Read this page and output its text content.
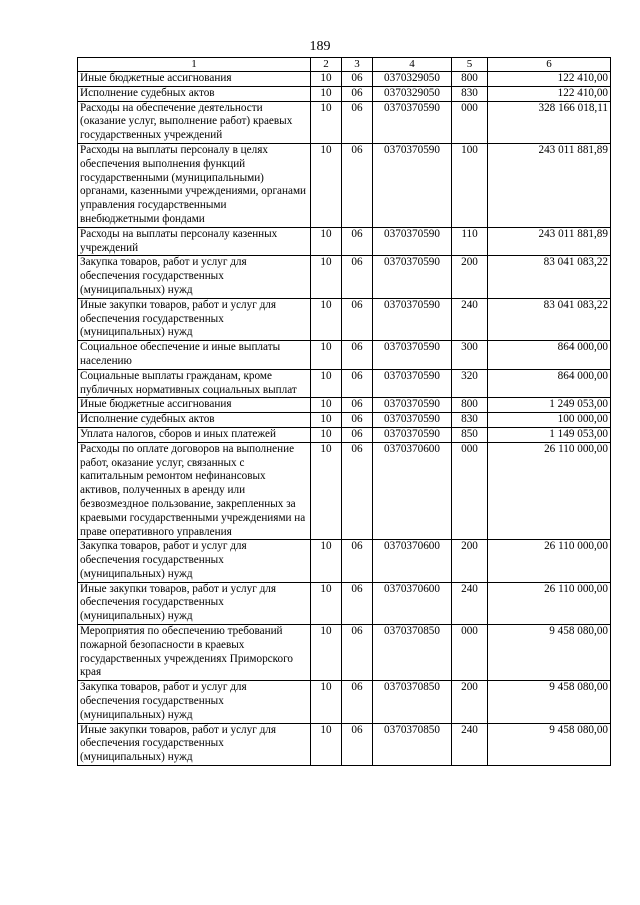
189
1	2	3	4	5	6
Иные бюджетные ассигнования	10	06	0370329050	800	122 410,00
Исполнение судебных актов	10	06	0370329050	830	122 410,00
Расходы на обеспечение деятельности (оказание услуг, выполнение работ) краевых государственных учреждений	10	06	0370370590	000	328 166 018,11
Расходы на выплаты персоналу в целях обеспечения выполнения функций государственными (муниципальными) органами, казенными учреждениями, органами управления государственными внебюджетными фондами	10	06	0370370590	100	243 011 881,89
Расходы на выплаты персоналу казенных учреждений	10	06	0370370590	110	243 011 881,89
Закупка товаров, работ и услуг для обеспечения государственных (муниципальных) нужд	10	06	0370370590	200	83 041 083,22
Иные закупки товаров, работ и услуг для обеспечения государственных (муниципальных) нужд	10	06	0370370590	240	83 041 083,22
Социальное обеспечение и иные выплаты населению	10	06	0370370590	300	864 000,00
Социальные выплаты гражданам, кроме публичных нормативных социальных выплат	10	06	0370370590	320	864 000,00
Иные бюджетные ассигнования	10	06	0370370590	800	1 249 053,00
Исполнение судебных актов	10	06	0370370590	830	100 000,00
Уплата налогов, сборов и иных платежей	10	06	0370370590	850	1 149 053,00
Расходы по оплате договоров на выполнение работ, оказание услуг, связанных с капитальным ремонтом нефинансовых активов, полученных в аренду или безвозмездное пользование, закрепленных за краевыми государственными учреждениями на праве оперативного управления	10	06	0370370600	000	26 110 000,00
Закупка товаров, работ и услуг для обеспечения государственных (муниципальных) нужд	10	06	0370370600	200	26 110 000,00
Иные закупки товаров, работ и услуг для обеспечения государственных (муниципальных) нужд	10	06	0370370600	240	26 110 000,00
Мероприятия по обеспечению требований пожарной безопасности в краевых государственных учреждениях Приморского края	10	06	0370370850	000	9 458 080,00
Закупка товаров, работ и услуг для обеспечения государственных (муниципальных) нужд	10	06	0370370850	200	9 458 080,00
Иные закупки товаров, работ и услуг для обеспечения государственных (муниципальных) нужд	10	06	0370370850	240	9 458 080,00
